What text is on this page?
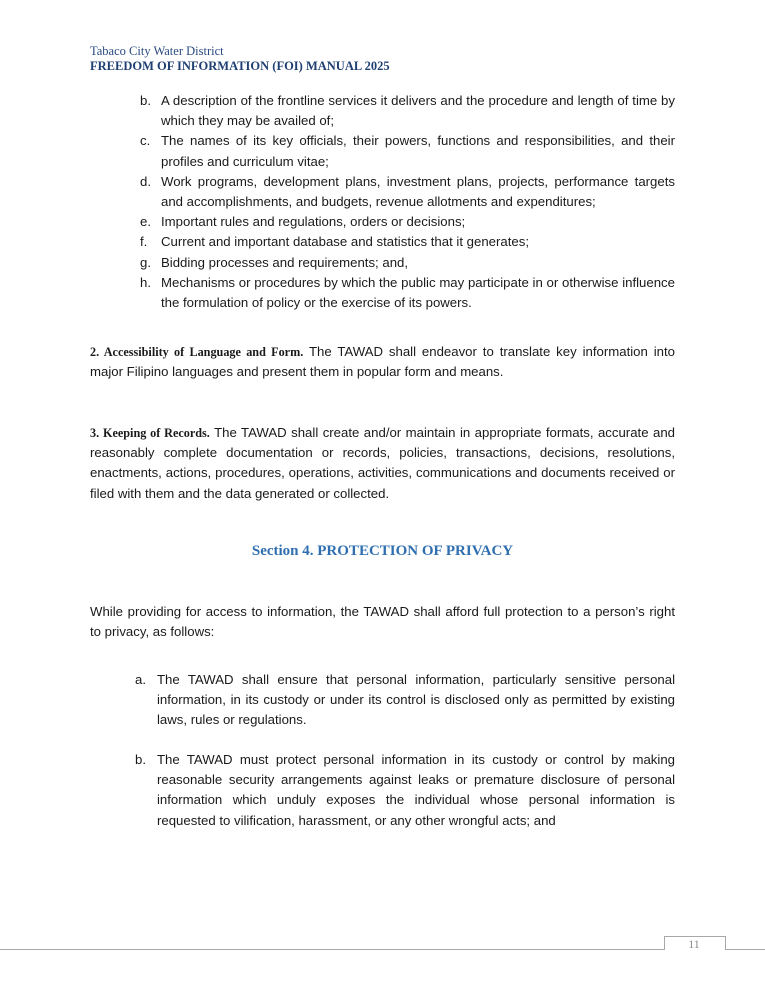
Tabaco City Water District
FREEDOM OF INFORMATION (FOI) MANUAL 2025
b. A description of the frontline services it delivers and the procedure and length of time by which they may be availed of;
c. The names of its key officials, their powers, functions and responsibilities, and their profiles and curriculum vitae;
d. Work programs, development plans, investment plans, projects, performance targets and accomplishments, and budgets, revenue allotments and expenditures;
e. Important rules and regulations, orders or decisions;
f. Current and important database and statistics that it generates;
g. Bidding processes and requirements; and,
h. Mechanisms or procedures by which the public may participate in or otherwise influence the formulation of policy or the exercise of its powers.
2. Accessibility of Language and Form. The TAWAD shall endeavor to translate key information into major Filipino languages and present them in popular form and means.
3. Keeping of Records. The TAWAD shall create and/or maintain in appropriate formats, accurate and reasonably complete documentation or records, policies, transactions, decisions, resolutions, enactments, actions, procedures, operations, activities, communications and documents received or filed with them and the data generated or collected.
Section 4. PROTECTION OF PRIVACY
While providing for access to information, the TAWAD shall afford full protection to a person’s right to privacy, as follows:
a. The TAWAD shall ensure that personal information, particularly sensitive personal information, in its custody or under its control is disclosed only as permitted by existing laws, rules or regulations.
b. The TAWAD must protect personal information in its custody or control by making reasonable security arrangements against leaks or premature disclosure of personal information which unduly exposes the individual whose personal information is requested to vilification, harassment, or any other wrongful acts; and
11
